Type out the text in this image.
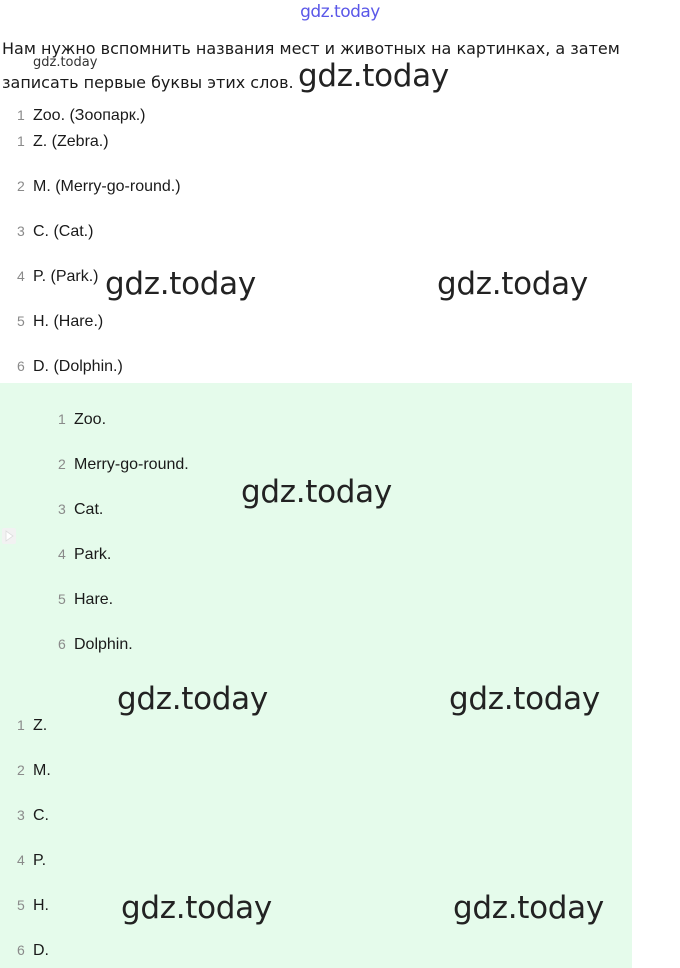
gdz.today
Нам нужно вспомнить названия мест и животных на картинках, а затем записать первые буквы этих слов.
gdz.today	gdz.today
1 Zoo. (Зоопарк.)
1 Z. (Zebra.)
2 M. (Merry-go-round.)
3 C. (Cat.)
4 P. (Park.)
5 H. (Hare.)
6 D. (Dolphin.)
gdz.today	gdz.today
1 Zoo.
2 Merry-go-round.
3 Cat.
4 Park.
5 Hare.
6 Dolphin.
gdz.today
gdz.today	gdz.today
1 Z.
2 M.
3 C.
4 P.
5 H.
6 D.
gdz.today	gdz.today
